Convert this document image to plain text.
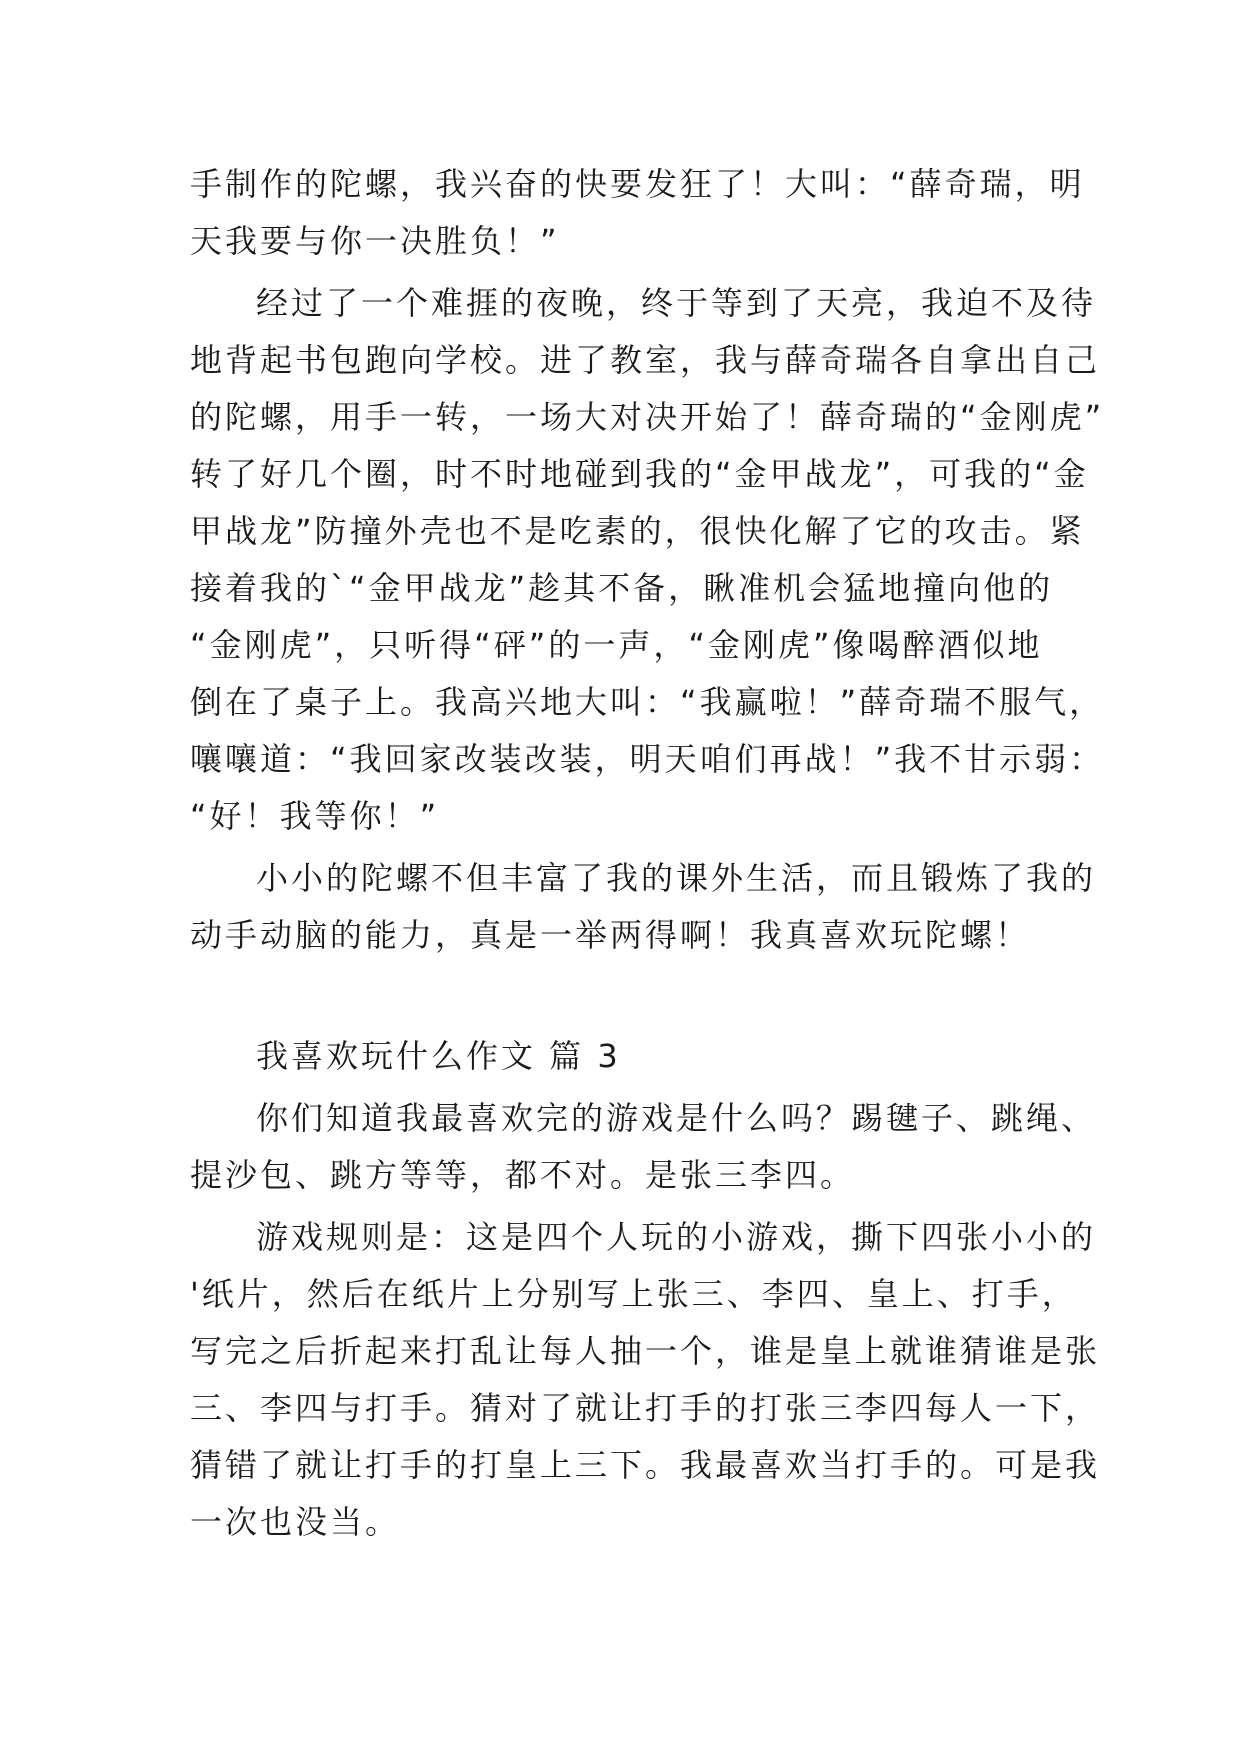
手制作的陀螺，我兴奋的快要发狂了！大叫：“薛奇瑞，明
天我要与你一决胜负！”
经过了一个难捱的夜晚，终于等到了天亮，我迫不及待
地背起书包跑向学校。进了教室，我与薛奇瑞各自拿出自己
的陀螺，用手一转，一场大对决开始了！薛奇瑞的“金刚虎”
转了好几个圈，时不时地碰到我的“金甲战龙”，可我的“金
甲战龙”防撞外壳也不是吃素的，很快化解了它的攻击。紧
接着我的`“金甲战龙”趁其不备，瞅准机会猛地撞向他的
“金刚虎”，只听得“砰”的一声，“金刚虎”像喝醉酒似地
倒在了桌子上。我高兴地大叫：“我赢啦！”薛奇瑞不服气，
嚷嚷道：“我回家改装改装，明天咱们再战！”我不甘示弱：
“好！我等你！”
小小的陀螺不但丰富了我的课外生活，而且锻炼了我的
动手动脑的能力，真是一举两得啊！我真喜欢玩陀螺！
我喜欢玩什么作文 篇 3
你们知道我最喜欢完的游戏是什么吗？踢毽子、跳绳、
提沙包、跳方等等，都不对。是张三李四。
游戏规则是：这是四个人玩的小游戏，撕下四张小小的
'纸片，然后在纸片上分别写上张三、李四、皇上、打手，
写完之后折起来打乱让每人抽一个，谁是皇上就谁猜谁是张
三、李四与打手。猜对了就让打手的打张三李四每人一下，
猜错了就让打手的打皇上三下。我最喜欢当打手的。可是我
一次也没当。
